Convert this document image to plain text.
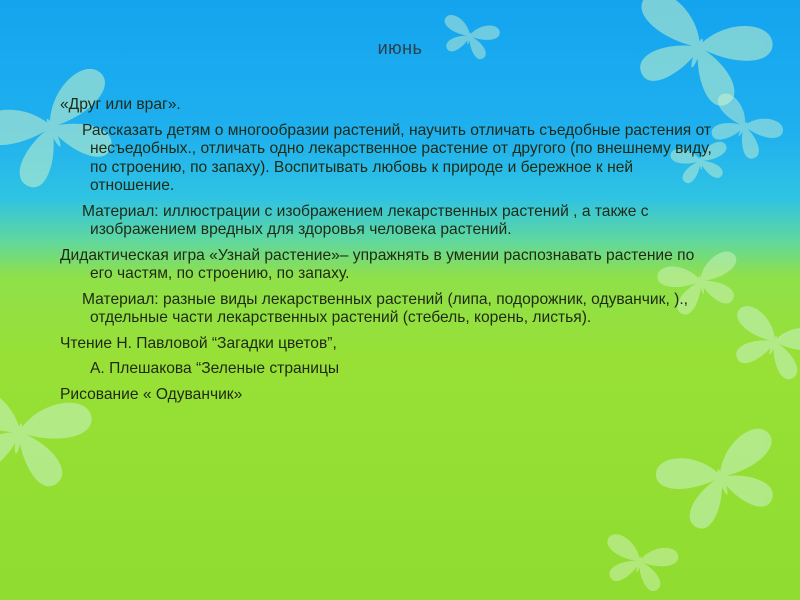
июнь

«Друг или враг».

Рассказать детям о многообразии растений, научить отличать съедобные растения от несъедобных., отличать одно лекарственное растение от другого (по внешнему виду, по строению, по запаху). Воспитывать любовь к природе и бережное к ней отношение.

Материал: иллюстрации с изображением лекарственных растений , а также с изображением вредных для здоровья человека растений.

Дидактическая игра «Узнай растение»– упражнять в умении распознавать растение по его частям, по строению, по запаху.

Материал: разные виды лекарственных растений (липа, подорожник, одуванчик, )., отдельные части лекарственных растений (стебель, корень, листья).

Чтение Н. Павловой “Загадки цветов”,

А. Плешакова “Зеленые страницы

Рисование « Одуванчик»
